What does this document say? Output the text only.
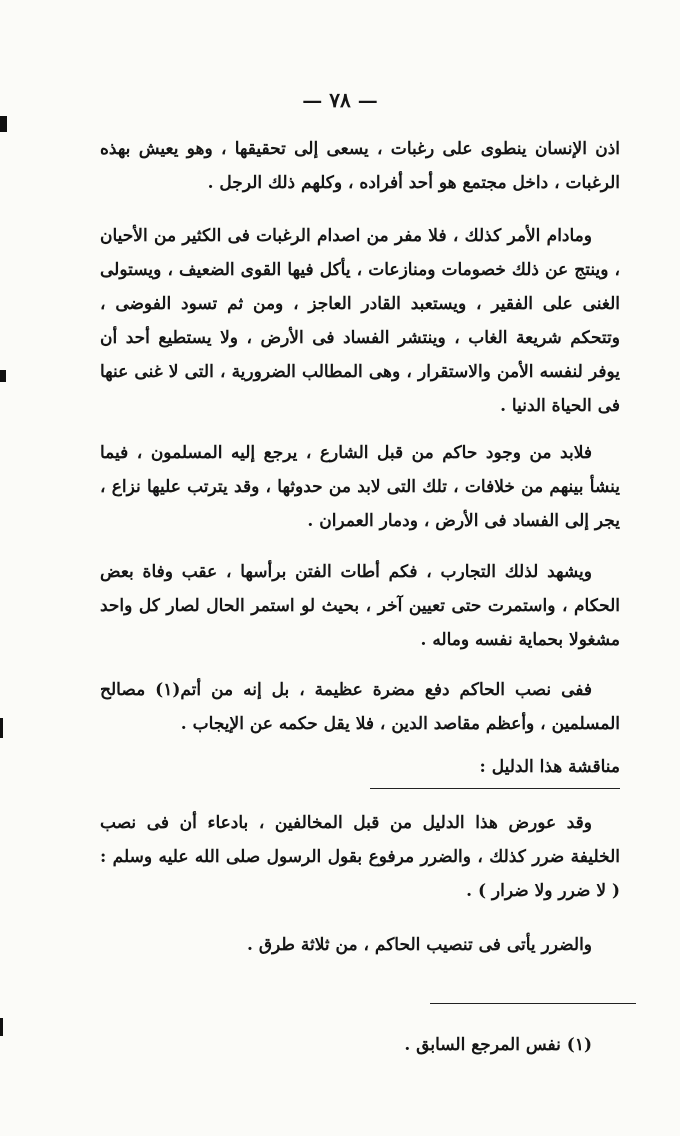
— ٧٨ —
اذن الإنسان ينطوى على رغبات ، يسعى إلى تحقيقها ، وهو يعيش بهذه الرغبات ، داخل مجتمع هو أحد أفراده ، وكلهم ذلك الرجل .
ومادام الأمر كذلك ، فلا مفر من اصدام الرغبات فى الكثير من الأحيان ، وينتج عن ذلك خصومات ومنازعات ، يأكل فيها القوى الضعيف ، ويستولى الغنى على الفقير ، ويستعبد القادر العاجز ، ومن ثم تسود الفوضى ، وتتحكم شريعة الغاب ، وينتشر الفساد فى الأرض ، ولا يستطيع أحد أن يوفر لنفسه الأمن والاستقرار ، وهى المطالب الضرورية ، التى لا غنى عنها فى الحياة الدنيا .
فلابد من وجود حاكم من قبل الشارع ، يرجع إليه المسلمون ، فيما ينشأ بينهم من خلافات ، تلك التى لابد من حدوثها ، وقد يترتب عليها نزاع ، يجر إلى الفساد فى الأرض ، ودمار العمران .
ويشهد لذلك التجارب ، فكم أطات الفتن برأسها ، عقب وفاة بعض الحكام ، واستمرت حتى تعيين آخر ، بحيث لو استمر الحال لصار كل واحد مشغولا بحماية نفسه وماله .
ففى نصب الحاكم دفع مضرة عظيمة ، بل إنه من أتم(١) مصالح المسلمين ، وأعظم مقاصد الدين ، فلا يقل حكمه عن الإيجاب .
مناقشة هذا الدليل :
وقد عورض هذا الدليل من قبل المخالفين ، بادعاء أن فى نصب الخليفة ضرر كذلك ، والضرر مرفوع بقول الرسول صلى الله عليه وسلم : ( لا ضرر ولا ضرار ) .
والضرر يأتى فى تنصيب الحاكم ، من ثلاثة طرق .
(١) نفس المرجع السابق .
